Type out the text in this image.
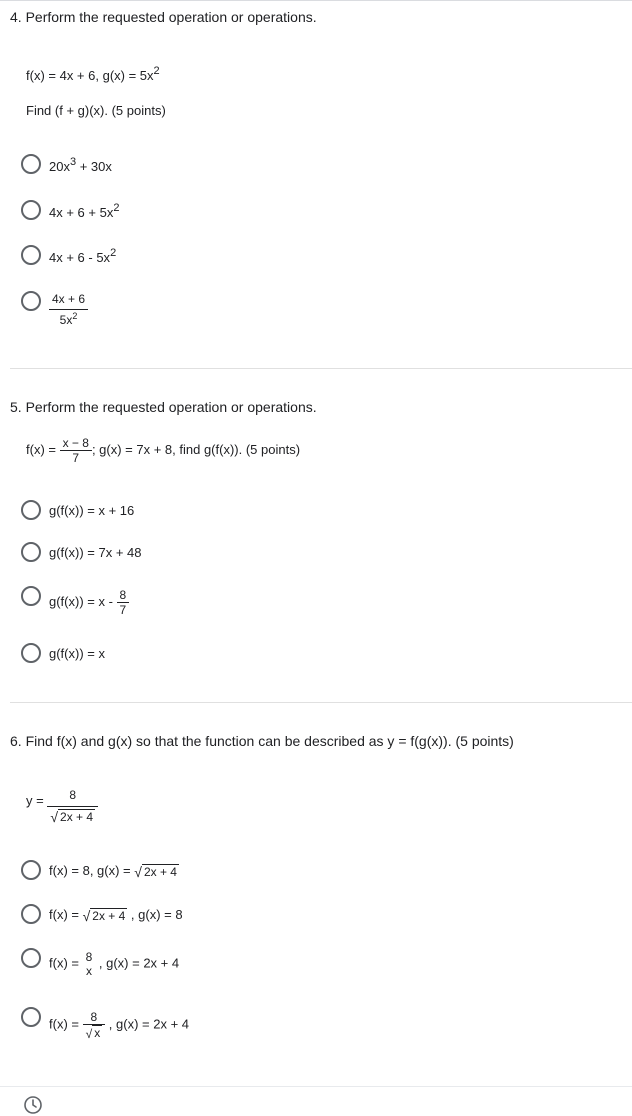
4. Perform the requested operation or operations.
f(x) = 4x + 6, $g(x) = 5x^2$
Find (f + g)(x). (5 points)
$20x^3 + 30x$
$4x + 6 + 5x^2$
$4x + 6 - 5x^2$
$\frac{4x + 6}{5x^2}$
5. Perform the requested operation or operations.
$f(x) = \frac{x - 8}{7}$ ; g(x) = 7x + 8, find g(f(x)). (5 points)
g(f(x)) = x + 16
g(f(x)) = 7x + 48
$g(f(x)) = x - \frac{8}{7}$
g(f(x)) = x
6. Find f(x) and g(x) so that the function can be described as y = f(g(x)). (5 points)
$y = \frac{8}{√ 2x + 4}$
f(x) = 8, g(x) = √ 2x + 4
f(x) = √ 2x + 4 , g(x) = 8
f(x) = 8
x
, g(x) = 2x + 4
$f(x) = \frac{8}{√ x}$ , g(x) = 2x + 4
